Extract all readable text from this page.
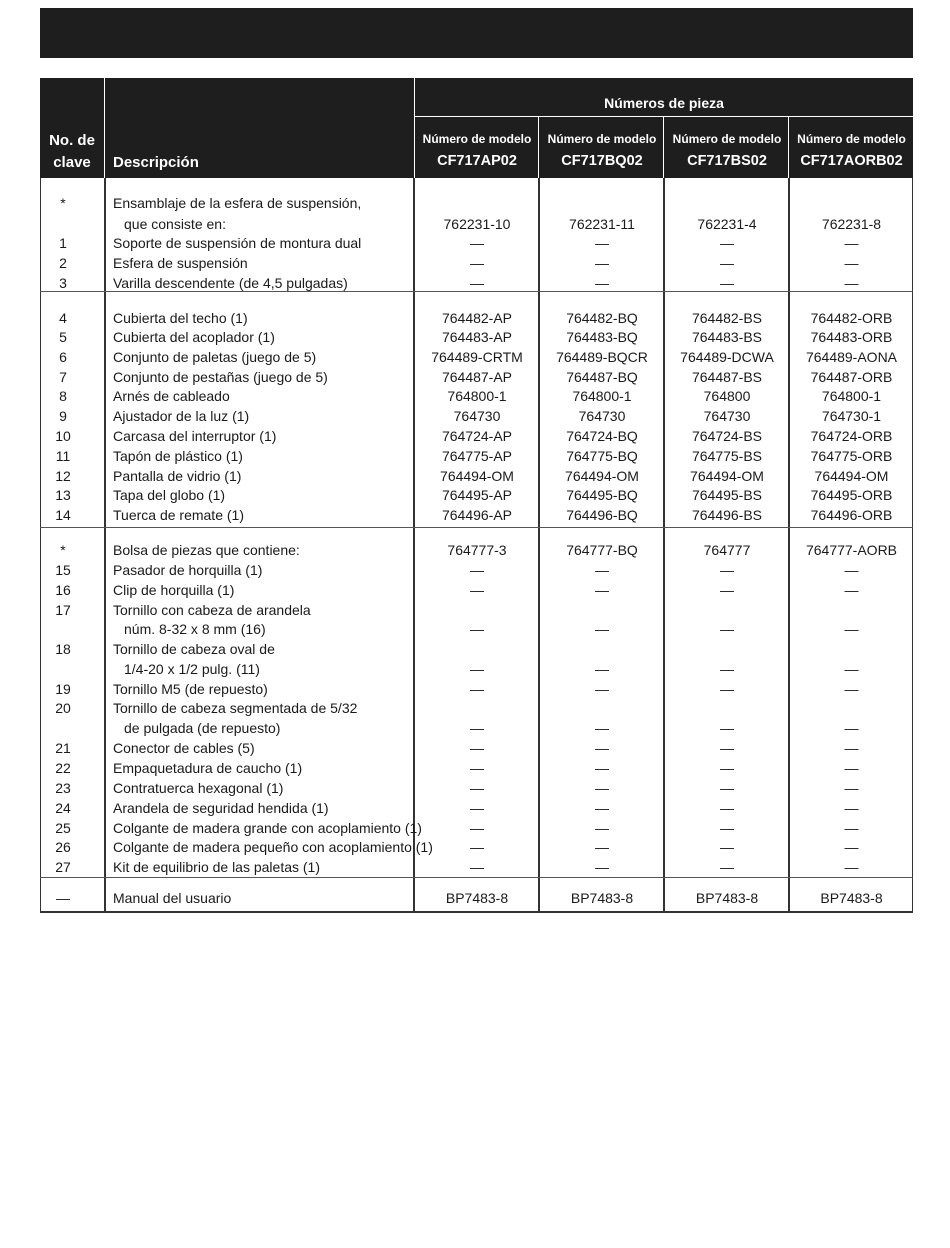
No. de
clave	Descripción
Números de pieza
Número de modelo
CF717AP02
Número de modelo
CF717BQ02
Número de modelo
CF717BS02
Número de modelo
CF717AORB02
*	Ensamblaje de la esfera de suspensión,
que consiste en:	762231-10	762231-11	762231-4	762231-8
1	Soporte de suspensión de montura dual	—	—	—	—
2	Esfera de suspensión	—	—	—	—
3	Varilla descendente (de 4,5 pulgadas)	—	—	—	—
4	Cubierta del techo (1)	764482-AP	764482-BQ	764482-BS	764482-ORB
5	Cubierta del acoplador (1)	764483-AP	764483-BQ	764483-BS	764483-ORB
6	Conjunto de paletas (juego de 5)	764489-CRTM	764489-BQCR	764489-DCWA	764489-AONA
7	Conjunto de pestañas (juego de 5)	764487-AP	764487-BQ	764487-BS	764487-ORB
8	Arnés de cableado	764800-1	764800-1	764800	764800-1
9	Ajustador de la luz (1)	764730	764730	764730	764730-1
10	Carcasa del interruptor (1)	764724-AP	764724-BQ	764724-BS	764724-ORB
11	Tapón de plástico (1)	764775-AP	764775-BQ	764775-BS	764775-ORB
12	Pantalla de vidrio (1)	764494-OM	764494-OM	764494-OM	764494-OM
13	Tapa del globo (1)	764495-AP	764495-BQ	764495-BS	764495-ORB
14	Tuerca de remate (1)	764496-AP	764496-BQ	764496-BS	764496-ORB
*	Bolsa de piezas que contiene:	764777-3	764777-BQ	764777	764777-AORB
15	Pasador de horquilla (1)	—	—	—	—
16	Clip de horquilla (1)	—	—	—	—
17	Tornillo con cabeza de arandela
núm. 8-32 x 8 mm (16)	—	—	—	—
18	Tornillo de cabeza oval de
1/4-20 x 1/2 pulg. (11)	—	—	—	—
19	Tornillo M5 (de repuesto)	—	—	—	—
20	Tornillo de cabeza segmentada de 5/32
de pulgada (de repuesto)	—	—	—	—
21	Conector de cables (5)	—	—	—	—
22	Empaquetadura de caucho (1)	—	—	—	—
23	Contratuerca hexagonal (1)	—	—	—	—
24	Arandela de seguridad hendida (1)	—	—	—	—
25	Colgante de madera grande con acoplamiento (1)	—	—	—	—
26	Colgante de madera pequeño con acoplamiento (1)	—	—	—	—
27	Kit de equilibrio de las paletas (1)	—	—	—	—
—	Manual del usuario	BP7483-8	BP7483-8	BP7483-8	BP7483-8
